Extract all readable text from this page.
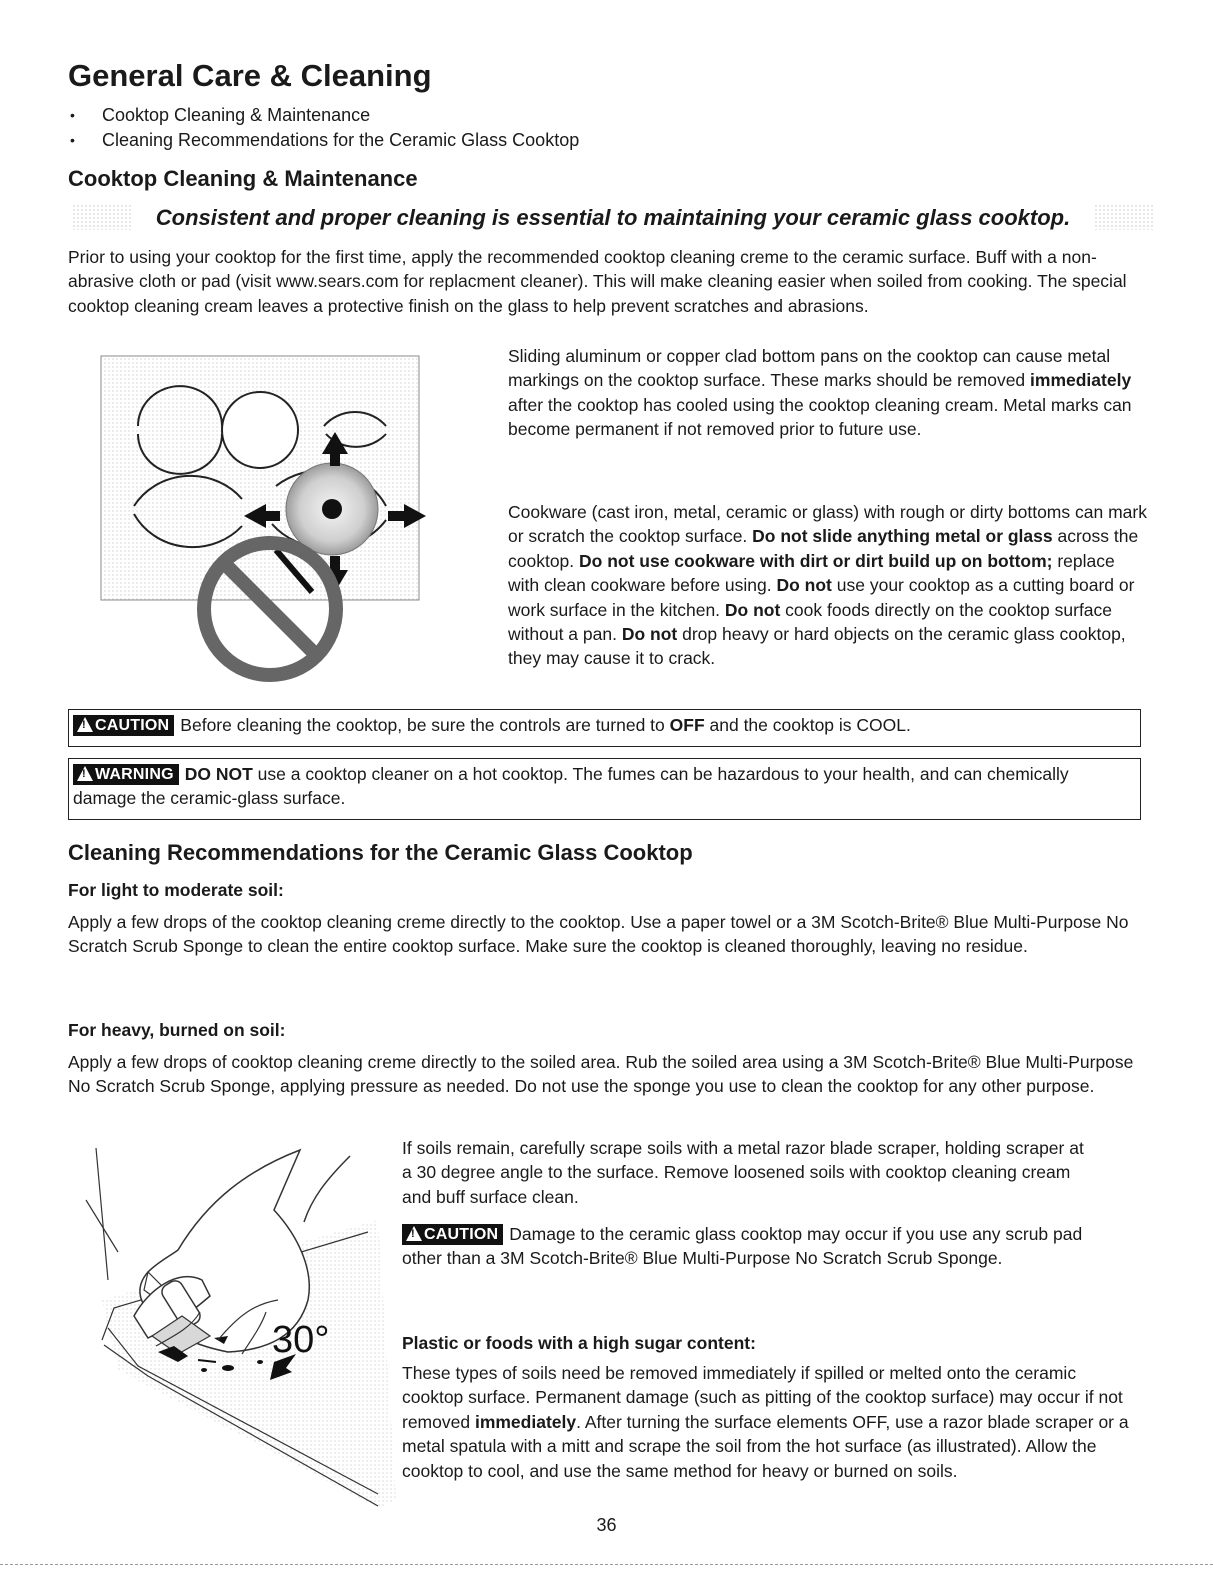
General Care & Cleaning
• Cooktop Cleaning & Maintenance
• Cleaning Recommendations for the Ceramic Glass Cooktop
Cooktop Cleaning & Maintenance
Consistent and proper cleaning is essential to maintaining your ceramic glass cooktop.

Prior to using your cooktop for the first time, apply the recommended cooktop cleaning creme to the ceramic surface. Buff with a non-abrasive cloth or pad (visit www.sears.com for replacment cleaner). This will make cleaning easier when soiled from cooking. The special cooktop cleaning cream leaves a protective finish on the glass to help prevent scratches and abrasions.

Sliding aluminum or copper clad bottom pans on the cooktop can cause metal markings on the cooktop surface. These marks should be removed immediately after the cooktop has cooled using the cooktop cleaning cream. Metal marks can become permanent if not removed prior to future use.

Cookware (cast iron, metal, ceramic or glass) with rough or dirty bottoms can mark or scratch the cooktop surface. Do not slide anything metal or glass across the cooktop. Do not use cookware with dirt or dirt build up on bottom; replace with clean cookware before using. Do not use your cooktop as a cutting board or work surface in the kitchen. Do not cook foods directly on the cooktop surface without a pan. Do not drop heavy or hard objects on the ceramic glass cooktop, they may cause it to crack.

!CAUTION Before cleaning the cooktop, be sure the controls are turned to OFF and the cooktop is COOL.
!WARNING DO NOT use a cooktop cleaner on a hot cooktop. The fumes can be hazardous to your health, and can chemically damage the ceramic-glass surface.
Cleaning Recommendations for the Ceramic Glass Cooktop
For light to moderate soil:

Apply a few drops of the cooktop cleaning creme directly to the cooktop. Use a paper towel or a 3M Scotch-Brite® Blue Multi-Purpose No Scratch Scrub Sponge to clean the entire cooktop surface. Make sure the cooktop is cleaned thoroughly, leaving no residue.

For heavy, burned on soil:

Apply a few drops of cooktop cleaning creme directly to the soiled area. Rub the soiled area using a 3M Scotch-Brite® Blue Multi-Purpose No Scratch Scrub Sponge, applying pressure as needed. Do not use the sponge you use to clean the cooktop for any other purpose.

30°

If soils remain, carefully scrape soils with a metal razor blade scraper, holding scraper at a 30 degree angle to the surface. Remove loosened soils with cooktop cleaning cream and buff surface clean.

!CAUTION Damage to the ceramic glass cooktop may occur if you use any scrub pad other than a 3M Scotch-Brite® Blue Multi-Purpose No Scratch Scrub Sponge.

Plastic or foods with a high sugar content:

These types of soils need be removed immediately if spilled or melted onto the ceramic cooktop surface. Permanent damage (such as pitting of the cooktop surface) may occur if not removed immediately. After turning the surface elements OFF, use a razor blade scraper or a metal spatula with a mitt and scrape the soil from the hot surface (as illustrated). Allow the cooktop to cool, and use the same method for heavy or burned on soils.

36
